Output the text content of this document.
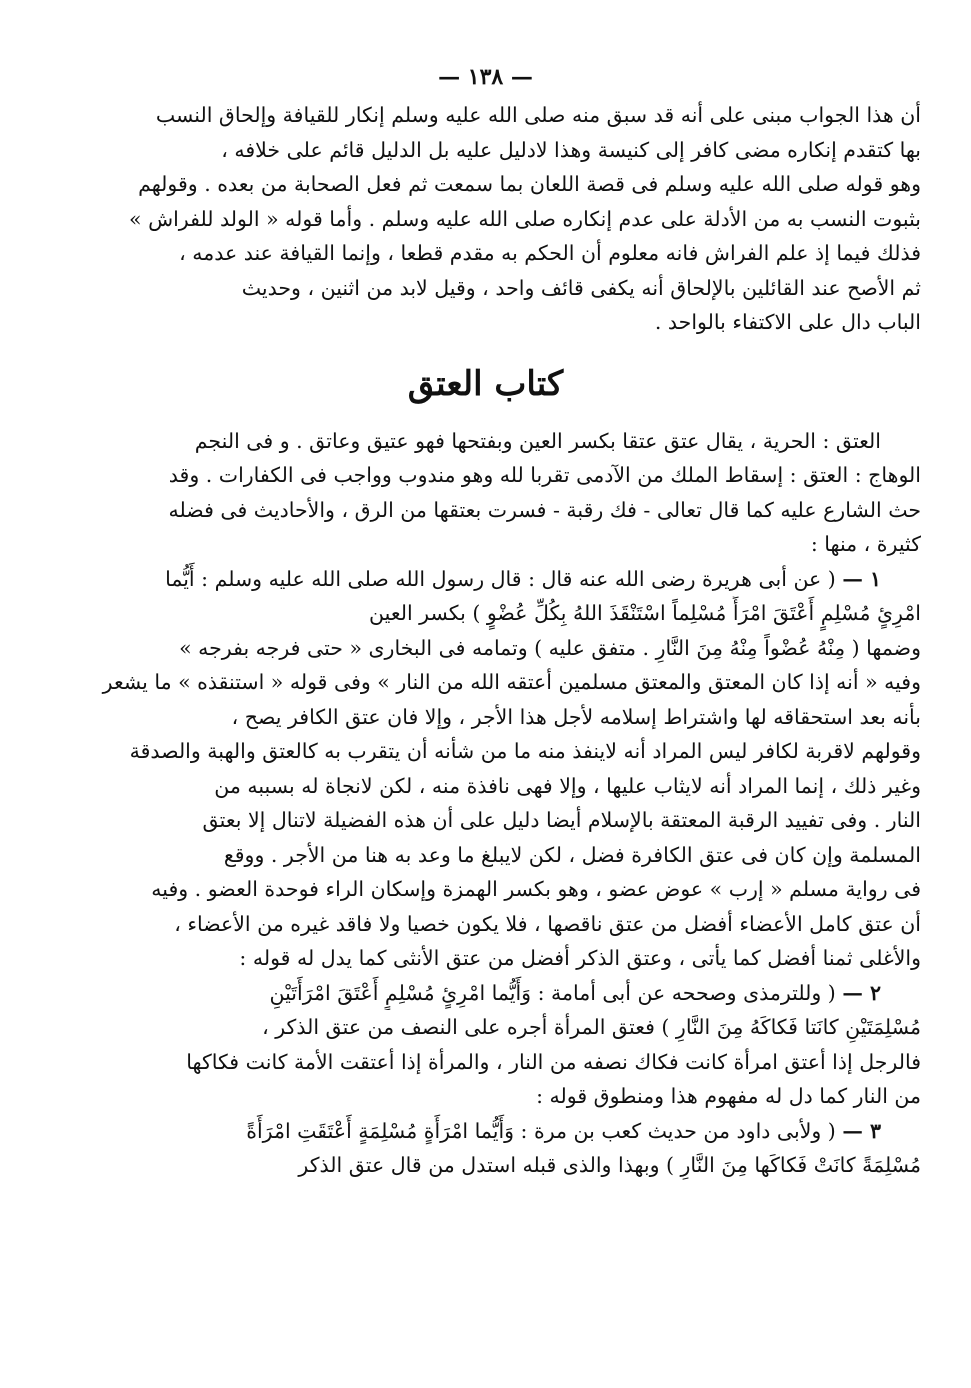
— ١٣٨ —
أن هذا الجواب مبنى على أنه قد سبق منه صلى الله عليه وسلم إنكار للقيافة وإلحاق النسب
بها كتقدم إنكاره مضى كافر إلى كنيسة وهذا لادليل عليه بل الدليل قائم على خلافه ،
وهو قوله صلى الله عليه وسلم فى قصة اللعان بما سمعت ثم فعل الصحابة من بعده . وقولهم
بثبوت النسب به من الأدلة على عدم إنكاره صلى الله عليه وسلم . وأما قوله « الولد للفراش »
فذلك فيما إذ علم الفراش فانه معلوم أن الحكم به مقدم قطعا ، وإنما القيافة عند عدمه ،
ثم الأصح عند القائلين بالإلحاق أنه يكفى قائف واحد ، وقيل لابد من اثنين ، وحديث
الباب دال على الاكتفاء بالواحد .
كتاب العتق
العتق : الحرية ، يقال عتق عتقا بكسر العين وبفتحها فهو عتيق وعاتق . و فى النجم
الوهاج : العتق : إسقاط الملك من الآدمى تقربا لله وهو مندوب وواجب فى الكفارات . وقد
حث الشارع عليه كما قال تعالى - فك رقبة - فسرت بعتقها من الرق ، والأحاديث فى فضله
كثيرة ، منها :
١ — ( عن أبى هريرة رضى الله عنه قال : قال رسول الله صلى الله عليه وسلم : أَيُّما
امْرِئٍ مُسْلِمٍ أَعْتَقَ امْرَأً مُسْلِماً اسْتَنْقَذَ اللهُ بِكُلِّ عُضْوٍ ) بكسر العين
وضمها ( مِنْهُ عُضْواً مِنْهُ مِنَ النَّارِ . متفق عليه ) وتمامه فى البخارى « حتى فرجه بفرجه »
وفيه « أنه إذا كان المعتق والمعتق مسلمين أعتقه الله من النار » وفى قوله « استنقذه » ما يشعر
بأنه بعد استحقاقه لها واشتراط إسلامه لأجل هذا الأجر ، وإلا فان عتق الكافر يصح ،
وقولهم لاقربة لكافر ليس المراد أنه لاينفذ منه ما من شأنه أن يتقرب به كالعتق والهبة والصدقة
وغير ذلك ، إنما المراد أنه لايثاب عليها ، وإلا فهى نافذة منه ، لكن لانجاة له بسببه من
النار . وفى تفييد الرقبة المعتقة بالإسلام أيضا دليل على أن هذه الفضيلة لاتنال إلا بعتق
المسلمة وإن كان فى عتق الكافرة فضل ، لكن لايبلغ ما وعد به هنا من الأجر . ووقع
فى رواية مسلم « إرب » عوض عضو ، وهو بكسر الهمزة وإسكان الراء فوحدة العضو . وفيه
أن عتق كامل الأعضاء أفضل من عتق ناقصها ، فلا يكون خصيا ولا فاقد غيره من الأعضاء ،
والأغلى ثمنا أفضل كما يأتى ، وعتق الذكر أفضل من عتق الأنثى كما يدل له قوله :
٢ — ( وللترمذى وصححه عن أبى أمامة : وَأَيُّما امْرِئٍ مُسْلِمٍ أَعْتَقَ امْرَأَتَيْنِ
مُسْلِمَتَيْنِ كانَتا فَكاكَهُ مِنَ النَّارِ ) فعتق المرأة أجره على النصف من عتق الذكر ،
فالرجل إذا أعتق امرأة كانت فكاك نصفه من النار ، والمرأة إذا أعتقت الأمة كانت فكاكها
من النار كما دل له مفهوم هذا ومنطوق قوله :
٣ — ( ولأبى داود من حديث كعب بن مرة : وَأَيُّما امْرَأَةٍ مُسْلِمَةٍ أَعْتَقَتِ امْرَأَةً
مُسْلِمَةً كانَتْ فَكاكَها مِنَ النَّارِ ) وبهذا والذى قبله استدل من قال عتق الذكر
